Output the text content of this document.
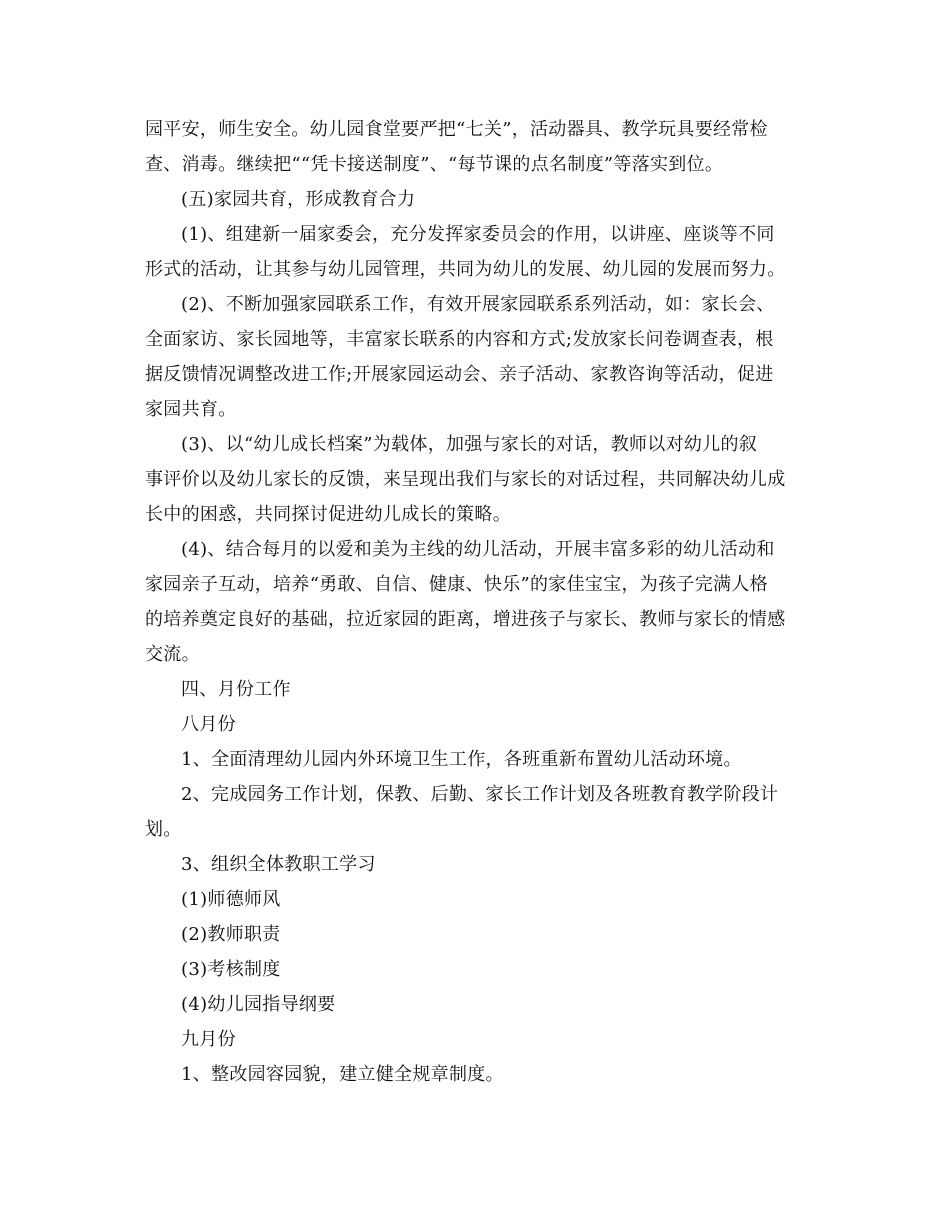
园平安，师生安全。幼儿园食堂要严把“七关”，活动器具、教学玩具要经常检

查、消毒。继续把““凭卡接送制度”、“每节课的点名制度”等落实到位。

(五)家园共育，形成教育合力

(1)、组建新一届家委会，充分发挥家委员会的作用，以讲座、座谈等不同

形式的活动，让其参与幼儿园管理，共同为幼儿的发展、幼儿园的发展而努力。

(2)、不断加强家园联系工作，有效开展家园联系系列活动，如：家长会、

全面家访、家长园地等，丰富家长联系的内容和方式;发放家长问卷调查表，根

据反馈情况调整改进工作;开展家园运动会、亲子活动、家教咨询等活动，促进

家园共育。

(3)、以“幼儿成长档案”为载体，加强与家长的对话，教师以对幼儿的叙

事评价以及幼儿家长的反馈，来呈现出我们与家长的对话过程，共同解决幼儿成

长中的困惑，共同探讨促进幼儿成长的策略。

(4)、结合每月的以爱和美为主线的幼儿活动，开展丰富多彩的幼儿活动和

家园亲子互动，培养“勇敢、自信、健康、快乐”的家佳宝宝，为孩子完满人格

的培养奠定良好的基础，拉近家园的距离，增进孩子与家长、教师与家长的情感

交流。

四、月份工作

八月份

1、全面清理幼儿园内外环境卫生工作，各班重新布置幼儿活动环境。

2、完成园务工作计划，保教、后勤、家长工作计划及各班教育教学阶段计

划。

3、组织全体教职工学习

(1)师德师风

(2)教师职责

(3)考核制度

(4)幼儿园指导纲要

九月份

1、整改园容园貌，建立健全规章制度。
